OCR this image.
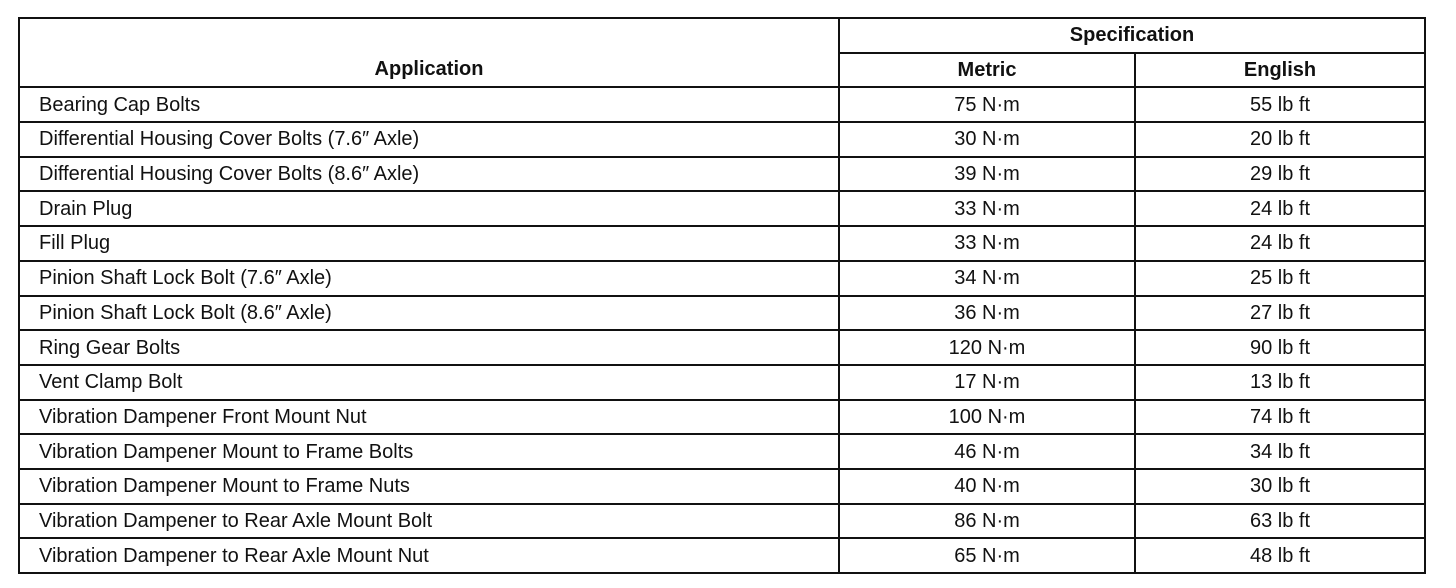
Application	Specification	
	Metric	English
Bearing Cap Bolts	75 N·m	55 lb ft
Differential Housing Cover Bolts (7.6″ Axle)	30 N·m	20 lb ft
Differential Housing Cover Bolts (8.6″ Axle)	39 N·m	29 lb ft
Drain Plug	33 N·m	24 lb ft
Fill Plug	33 N·m	24 lb ft
Pinion Shaft Lock Bolt (7.6″ Axle)	34 N·m	25 lb ft
Pinion Shaft Lock Bolt (8.6″ Axle)	36 N·m	27 lb ft
Ring Gear Bolts	120 N·m	90 lb ft
Vent Clamp Bolt	17 N·m	13 lb ft
Vibration Dampener Front Mount Nut	100 N·m	74 lb ft
Vibration Dampener Mount to Frame Bolts	46 N·m	34 lb ft
Vibration Dampener Mount to Frame Nuts	40 N·m	30 lb ft
Vibration Dampener to Rear Axle Mount Bolt	86 N·m	63 lb ft
Vibration Dampener to Rear Axle Mount Nut	65 N·m	48 lb ft
